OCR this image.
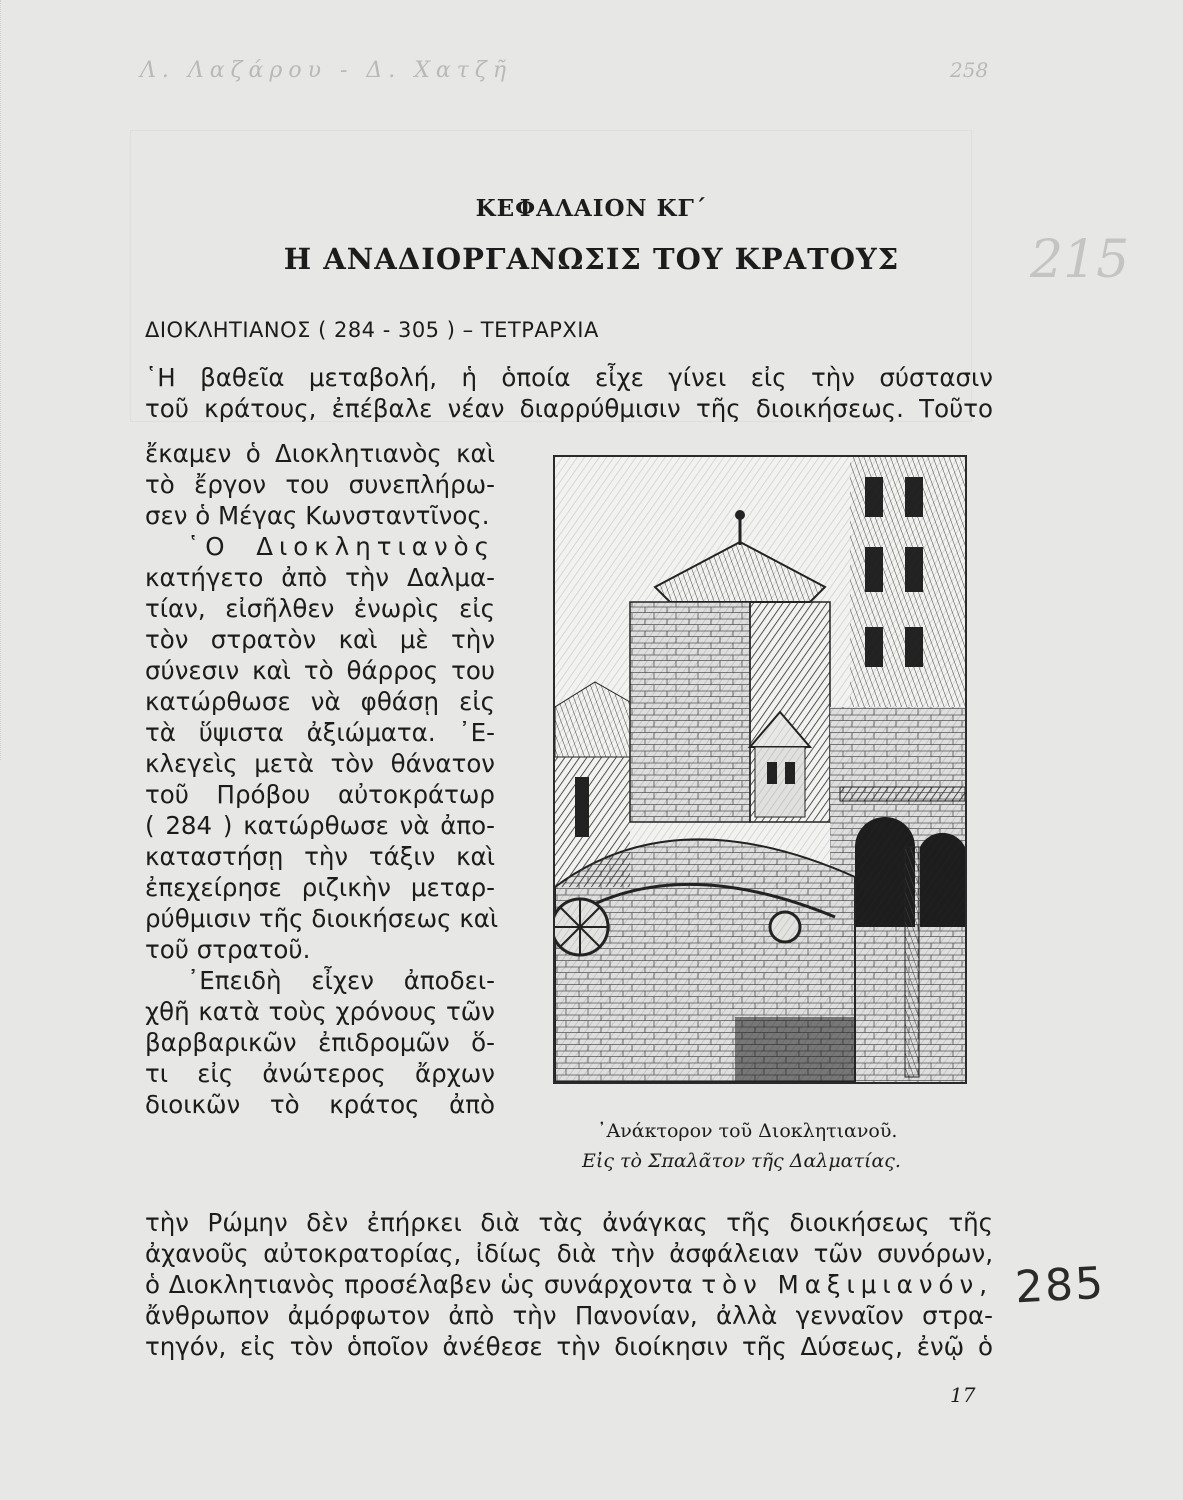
Λ. Λαζάρου - Δ. Χατζῆ	258
215
ΚΕΦΑΛΑΙΟΝ ΚΓ΄
Η ΑΝΑΔΙΟΡΓΑΝΩΣΙΣ ΤΟΥ ΚΡΑΤΟΥΣ
ΔΙΟΚΛΗΤΙΑΝΟΣ ( 284 - 305 ) – ΤΕΤΡΑΡΧΙΑ
῾Η βαθεῖα μεταβολή, ἡ ὁποία εἶχε γίνει εἰς τὴν σύστασιν
τοῦ κράτους, ἐπέβαλε νέαν διαρρύθμισιν τῆς διοικήσεως. Τοῦτο
ἔκαμεν ὁ Διοκλητιανὸς καὶ
τὸ ἔργον του συνεπλήρω-
σεν ὁ Μέγας Κωνσταντῖνος.
῾Ο Διοκλητιανὸς
κατήγετο ἀπὸ τὴν Δαλμα-
τίαν, εἰσῆλθεν ἐνωρὶς εἰς
τὸν στρατὸν καὶ μὲ τὴν
σύνεσιν καὶ τὸ θάρρος του
κατώρθωσε νὰ φθάσῃ εἰς
τὰ ὕψιστα ἀξιώματα. ᾿Ε-
κλεγεὶς μετὰ τὸν θάνατον
τοῦ Πρόβου αὐτοκράτωρ
( 284 ) κατώρθωσε νὰ ἀπο-
καταστήσῃ τὴν τάξιν καὶ
ἐπεχείρησε ριζικὴν μεταρ-
ρύθμισιν τῆς διοικήσεως καὶ
τοῦ στρατοῦ.
᾿Επειδὴ εἶχεν ἀποδει-
χθῆ κατὰ τοὺς χρόνους τῶν
βαρβαρικῶν ἐπιδρομῶν ὅ-
τι εἰς ἀνώτερος ἄρχων
διοικῶν τὸ κράτος ἀπὸ
᾿Ανάκτορον τοῦ Διοκλητιανοῦ.
Εἰς τὸ Σπαλᾶτον τῆς Δαλματίας.
τὴν Ρώμην δὲν ἐπήρκει διὰ τὰς ἀνάγκας τῆς διοικήσεως τῆς
ἀχανοῦς αὐτοκρατορίας, ἰδίως διὰ τὴν ἀσφάλειαν τῶν συνόρων,
ὁ Διοκλητιανὸς προσέλαβεν ὡς συνάρχοντα τὸν Μαξιμιανόν,
ἄνθρωπον ἀμόρφωτον ἀπὸ τὴν Πανονίαν, ἀλλὰ γενναῖον στρα-
τηγόν, εἰς τὸν ὁποῖον ἀνέθεσε τὴν διοίκησιν τῆς Δύσεως, ἐνῷ ὁ
285
17
